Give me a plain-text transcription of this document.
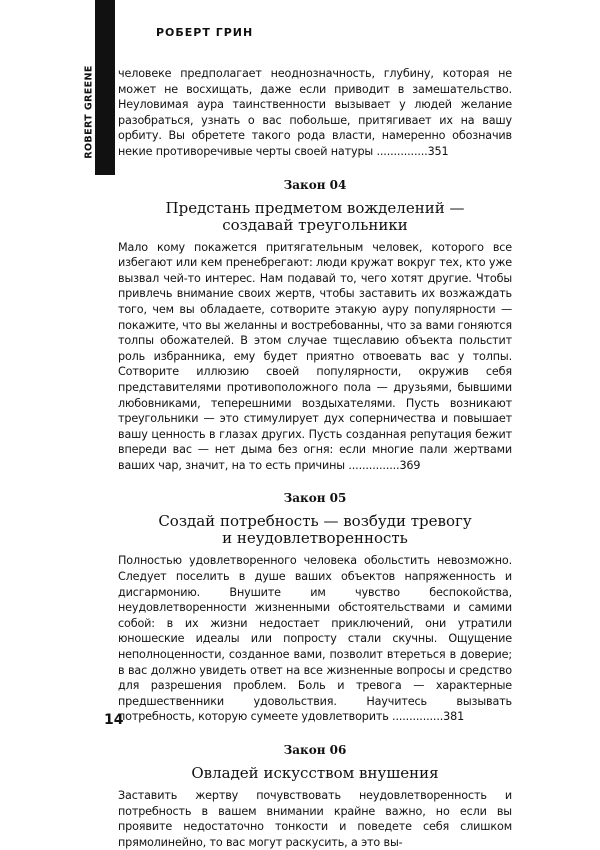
ROBERT GREENE
РОБЕРТ ГРИН

человеке предполагает неоднозначность, глубину, которая не может не восхищать, даже если приводит в замешательство. Неуловимая аура таинственности вызывает у людей желание разобраться, узнать о вас побольше, притягивает их на вашу орбиту. Вы обретете такого рода власти, намеренно обозначив некие противоречивые черты своей натуры ...............351

Закон 04
Предстань предметом вожделений —
создавай треугольники

Мало кому покажется притягательным человек, которого все избегают или кем пренебрегают: люди кружат вокруг тех, кто уже вызвал чей-то интерес. Нам подавай то, чего хотят другие. Чтобы привлечь внимание своих жертв, чтобы заставить их возжаждать того, чем вы обладаете, сотворите этакую ауру популярности — покажите, что вы желанны и востребованны, что за вами гоняются толпы обожателей. В этом случае тщеславию объекта польстит роль избранника, ему будет приятно отвоевать вас у толпы. Сотворите иллюзию своей популярности, окружив себя представителями противоположного пола — друзьями, бывшими любовниками, теперешними воздыхателями. Пусть возникают треугольники — это стимулирует дух соперничества и повышает вашу ценность в глазах других. Пусть созданная репутация бежит впереди вас — нет дыма без огня: если многие пали жертвами ваших чар, значит, на то есть причины ...............369

Закон 05
Создай потребность — возбуди тревогу
и неудовлетворенность

Полностью удовлетворенного человека обольстить невозможно. Следует поселить в душе ваших объектов напряженность и дисгармонию. Внушите им чувство беспокойства, неудовлетворенности жизненными обстоятельствами и самими собой: в их жизни недостает приключений, они утратили юношеские идеалы или попросту стали скучны. Ощущение неполноценности, созданное вами, позволит втереться в доверие; в вас должно увидеть ответ на все жизненные вопросы и средство для разрешения проблем. Боль и тревога — характерные предшественники удовольствия. Научитесь вызывать потребность, которую сумеете удовлетворить ...............381

Закон 06
Овладей искусством внушения

Заставить жертву почувствовать неудовлетворенность и потребность в вашем внимании крайне важно, но если вы проявите недостаточно тонкости и поведете себя слишком прямолинейно, то вас могут раскусить, а это вы-

14
